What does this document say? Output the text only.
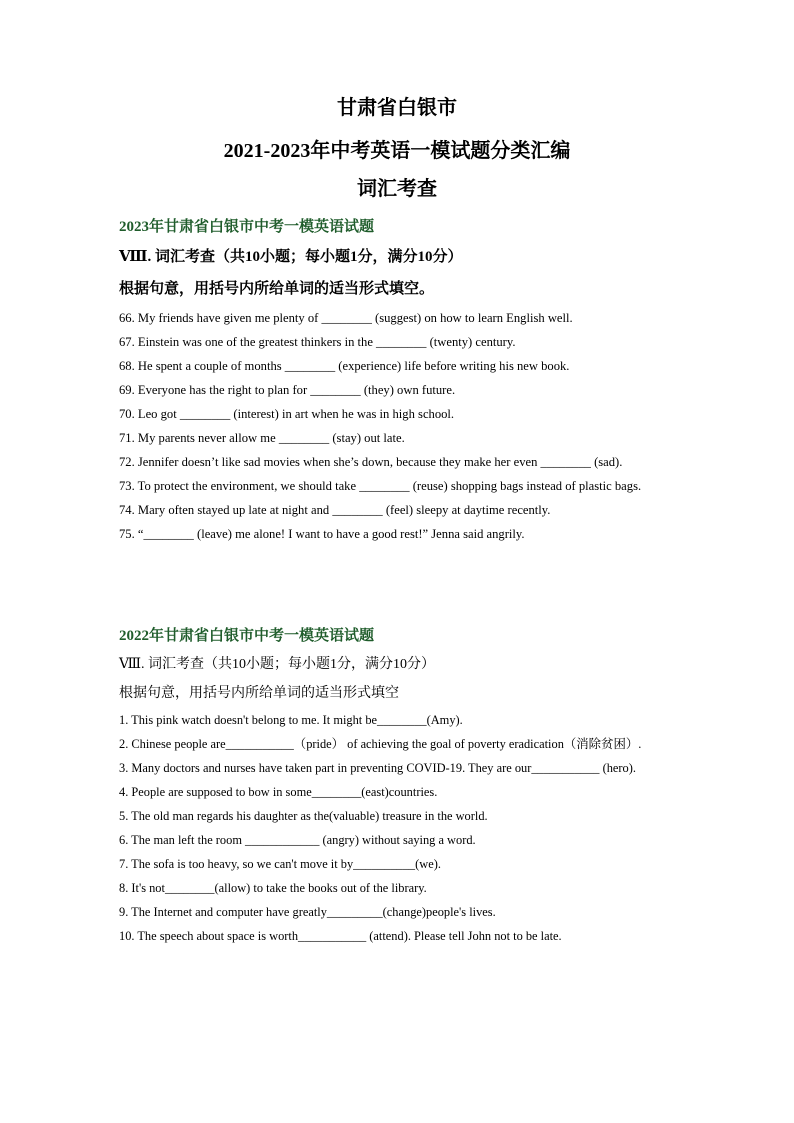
甘肃省白银市
2021-2023年中考英语一模试题分类汇编
词汇考查
2023年甘肃省白银市中考一模英语试题
Ⅷ. 词汇考查（共10小题；每小题1分，满分10分）
根据句意，用括号内所给单词的适当形式填空。
66. My friends have given me plenty of ________ (suggest) on how to learn English well.
67. Einstein was one of the greatest thinkers in the ________ (twenty) century.
68. He spent a couple of months ________ (experience) life before writing his new book.
69. Everyone has the right to plan for ________ (they) own future.
70. Leo got ________ (interest) in art when he was in high school.
71. My parents never allow me ________ (stay) out late.
72. Jennifer doesn’t like sad movies when she’s down, because they make her even ________ (sad).
73. To protect the environment, we should take ________ (reuse) shopping bags instead of plastic bags.
74. Mary often stayed up late at night and ________ (feel) sleepy at daytime recently.
75. “________ (leave) me alone! I want to have a good rest!” Jenna said angrily.
2022年甘肃省白银市中考一模英语试题
Ⅷ. 词汇考查（共10小题；每小题1分，满分10分）
根据句意，用括号内所给单词的适当形式填空
1. This pink watch doesn't belong to me. It might be________(Amy).
2. Chinese people are___________（pride） of achieving the goal of poverty eradication（消除贫困）.
3. Many doctors and nurses have taken part in preventing COVID-19. They are our___________ (hero).
4. People are supposed to bow in some________(east)countries.
5. The old man regards his daughter as the(valuable) treasure in the world.
6. The man left the room ____________ (angry) without saying a word.
7. The sofa is too heavy, so we can't move it by__________(we).
8. It's not________(allow) to take the books out of the library.
9. The Internet and computer have greatly_________(change)people's lives.
10. The speech about space is worth___________ (attend). Please tell John not to be late.
